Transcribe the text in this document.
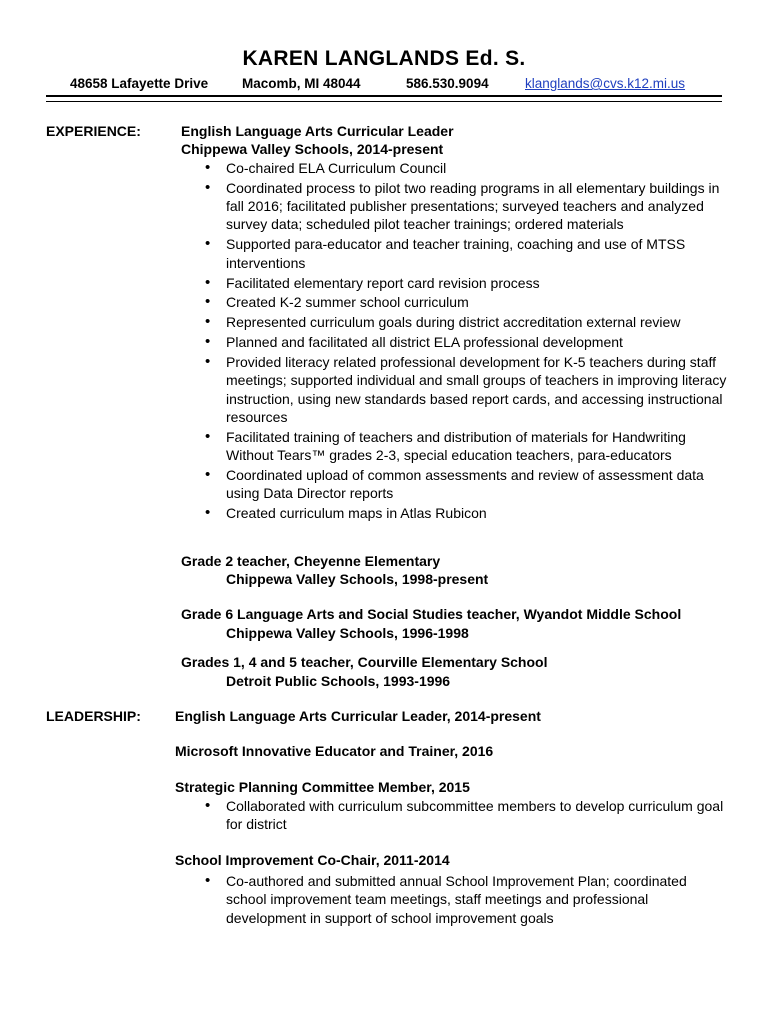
KAREN LANGLANDS Ed. S.
48658 Lafayette Drive	Macomb, MI 48044	586.530.9094	klanglands@cvs.k12.mi.us
EXPERIENCE:	English Language Arts Curricular Leader
Chippewa Valley Schools, 2014-present
• Co-chaired ELA Curriculum Council
• Coordinated process to pilot two reading programs in all elementary buildings in fall 2016; facilitated publisher presentations; surveyed teachers and analyzed survey data; scheduled pilot teacher trainings; ordered materials
• Supported para-educator and teacher training, coaching and use of MTSS interventions
• Facilitated elementary report card revision process
• Created K-2 summer school curriculum
• Represented curriculum goals during district accreditation external review
• Planned and facilitated all district ELA professional development
• Provided literacy related professional development for K-5 teachers during staff meetings; supported individual and small groups of teachers in improving literacy instruction, using new standards based report cards, and accessing instructional resources
• Facilitated training of teachers and distribution of materials for Handwriting Without Tears™ grades 2-3, special education teachers, para-educators
• Coordinated upload of common assessments and review of assessment data using Data Director reports
• Created curriculum maps in Atlas Rubicon
Grade 2 teacher, Cheyenne Elementary
Chippewa Valley Schools, 1998-present
Grade 6 Language Arts and Social Studies teacher, Wyandot Middle School
Chippewa Valley Schools, 1996-1998
Grades 1, 4 and 5 teacher, Courville Elementary School
Detroit Public Schools, 1993-1996
LEADERSHIP: English Language Arts Curricular Leader, 2014-present
Microsoft Innovative Educator and Trainer, 2016
Strategic Planning Committee Member, 2015
• Collaborated with curriculum subcommittee members to develop curriculum goal for district
School Improvement Co-Chair, 2011-2014
• Co-authored and submitted annual School Improvement Plan; coordinated school improvement team meetings, staff meetings and professional development in support of school improvement goals
